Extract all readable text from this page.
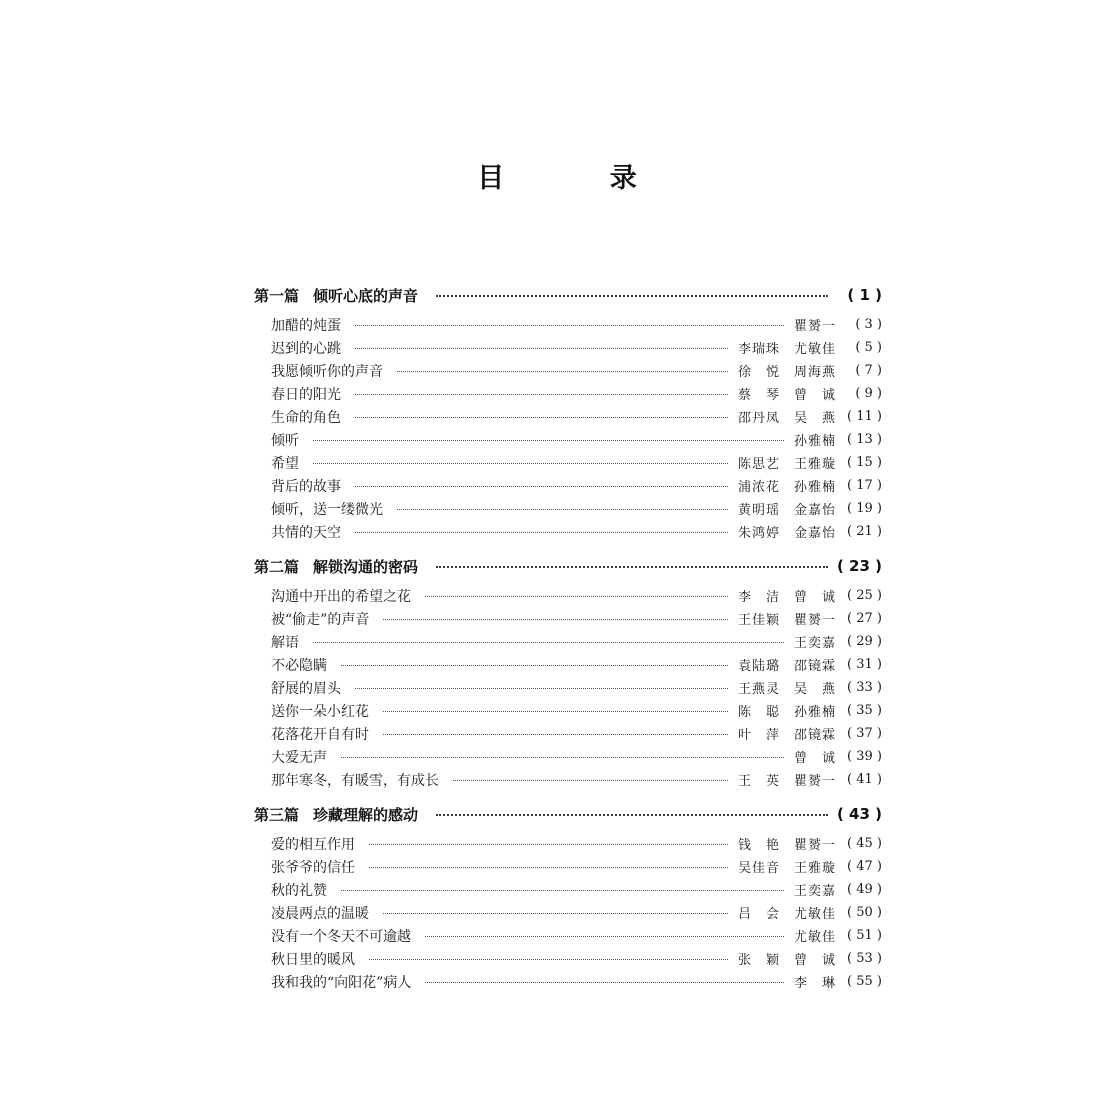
目 录
第一篇 倾听心底的声音	( 1 )
加醋的炖蛋	瞿赟一	( 3 )
迟到的心跳	李瑞珠　尤敏佳	( 5 )
我愿倾听你的声音	徐　悦　周海燕	( 7 )
春日的阳光	蔡　琴　曾　诚	( 9 )
生命的角色	邵丹凤　吴　燕 ( 11 )
倾听	孙雅楠 ( 13 )
希望	陈思艺　王雅璇 ( 15 )
背后的故事	浦浓花　孙雅楠 ( 17 )
倾听，送一缕微光	黄明瑶　金嘉怡 ( 19 )
共情的天空	朱鸿婷　金嘉怡 ( 21 )
第二篇 解锁沟通的密码	( 23 )
沟通中开出的希望之花	李　洁　曾　诚 ( 25 )
被“偷走”的声音	王佳颖　瞿赟一 ( 27 )
解语	王奕嘉 ( 29 )
不必隐瞒	袁陆璐　邵镜霖 ( 31 )
舒展的眉头	王燕灵　吴　燕 ( 33 )
送你一朵小红花	陈　聪　孙雅楠 ( 35 )
花落花开自有时	叶　萍　邵镜霖 ( 37 )
大爱无声	曾　诚 ( 39 )
那年寒冬，有暖雪，有成长	王　英　瞿赟一 ( 41 )
第三篇 珍藏理解的感动	( 43 )
爱的相互作用	钱　艳　瞿赟一 ( 45 )
张爷爷的信任	吴佳音　王雅璇 ( 47 )
秋的礼赞	王奕嘉 ( 49 )
凌晨两点的温暖	吕　会　尤敏佳 ( 50 )
没有一个冬天不可逾越	尤敏佳 ( 51 )
秋日里的暖风	张　颖　曾　诚 ( 53 )
我和我的“向阳花”病人	李　琳 ( 55 )
